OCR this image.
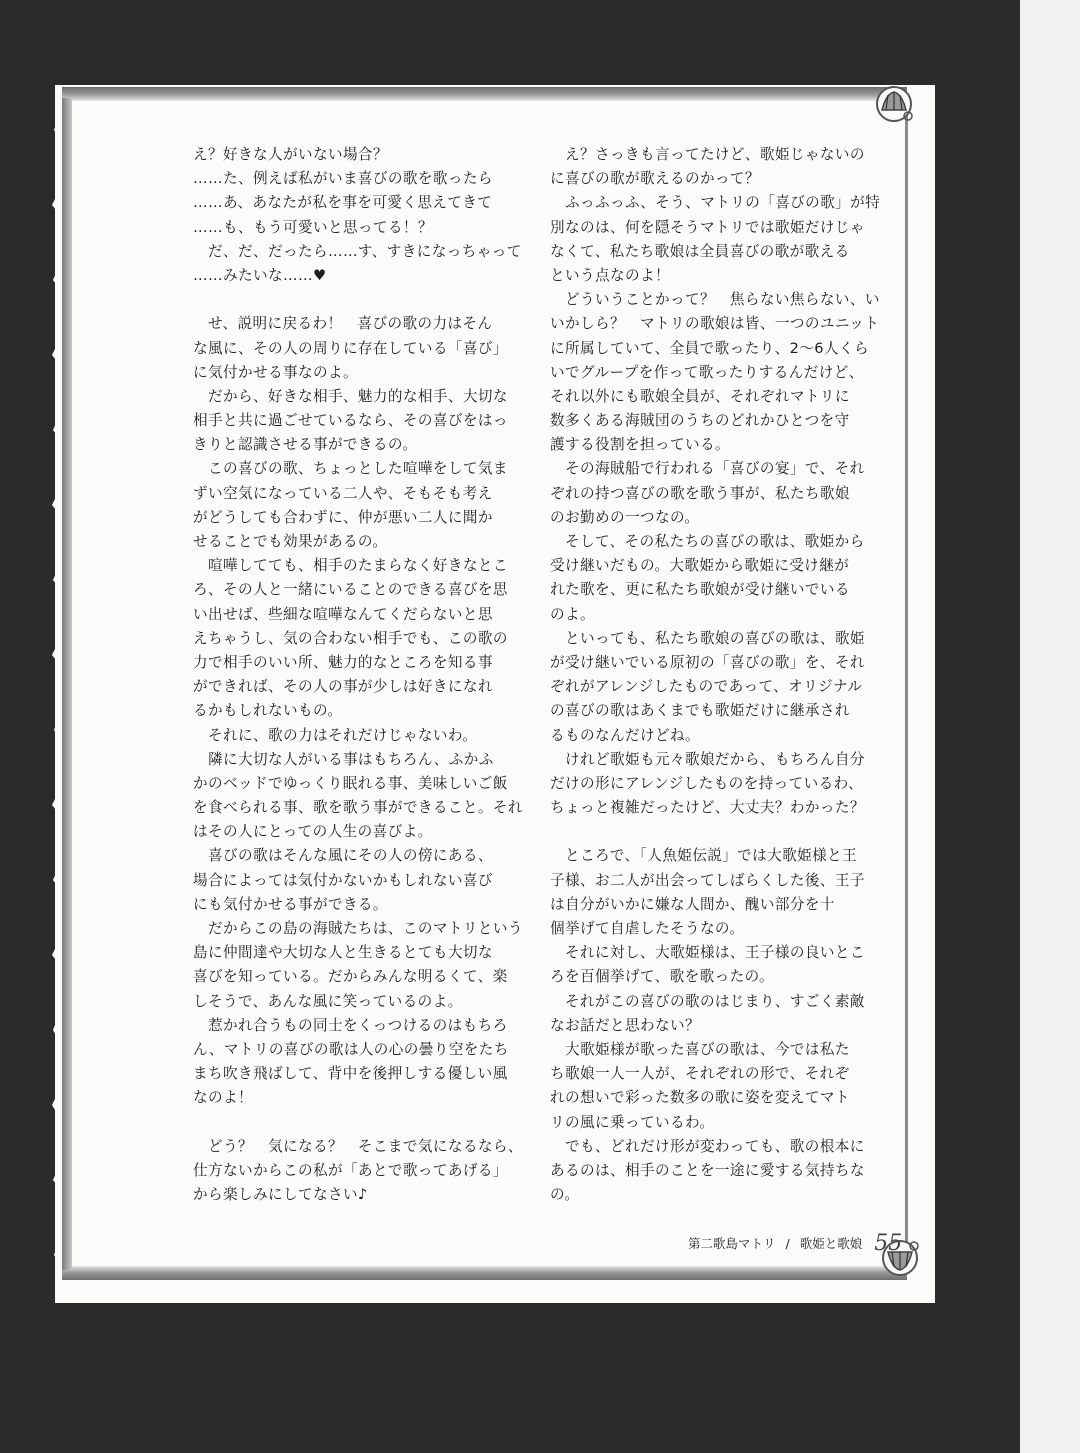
え？好きな人がいない場合？
……た、例えば私がいま喜びの歌を歌ったら
……あ、あなたが私を事を可愛く思えてきて
……も、もう可愛いと思ってる！？
　だ、だ、だったら……す、すきになっちゃって
……みたいな……♥
　せ、説明に戻るわ！　喜びの歌の力はそん
な風に、その人の周りに存在している「喜び」
に気付かせる事なのよ。
　だから、好きな相手、魅力的な相手、大切な
相手と共に過ごせているなら、その喜びをはっ
きりと認識させる事ができるの。
　この喜びの歌、ちょっとした喧嘩をして気ま
ずい空気になっている二人や、そもそも考え
がどうしても合わずに、仲が悪い二人に聞か
せることでも効果があるの。
　喧嘩してても、相手のたまらなく好きなとこ
ろ、その人と一緒にいることのできる喜びを思
い出せば、些細な喧嘩なんてくだらないと思
えちゃうし、気の合わない相手でも、この歌の
力で相手のいい所、魅力的なところを知る事
ができれば、その人の事が少しは好きになれ
るかもしれないもの。
　それに、歌の力はそれだけじゃないわ。
　隣に大切な人がいる事はもちろん、ふかふ
かのベッドでゆっくり眠れる事、美味しいご飯
を食べられる事、歌を歌う事ができること。それ
はその人にとっての人生の喜びよ。
　喜びの歌はそんな風にその人の傍にある、
場合によっては気付かないかもしれない喜び
にも気付かせる事ができる。
　だからこの島の海賊たちは、このマトリという
島に仲間達や大切な人と生きるとても大切な
喜びを知っている。だからみんな明るくて、楽
しそうで、あんな風に笑っているのよ。
　惹かれ合うもの同士をくっつけるのはもちろ
ん、マトリの喜びの歌は人の心の曇り空をたち
まち吹き飛ばして、背中を後押しする優しい風
なのよ！
　どう？　気になる？　そこまで気になるなら、
仕方ないからこの私が「あとで歌ってあげる」
から楽しみにしてなさい♪
　え？さっきも言ってたけど、歌姫じゃないの
に喜びの歌が歌えるのかって？
　ふっふっふ、そう、マトリの「喜びの歌」が特
別なのは、何を隠そうマトリでは歌姫だけじゃ
なくて、私たち歌娘は全員喜びの歌が歌える
という点なのよ！
　どういうことかって？　焦らない焦らない、い
いかしら？　マトリの歌娘は皆、一つのユニット
に所属していて、全員で歌ったり、2～6人くら
いでグループを作って歌ったりするんだけど、
それ以外にも歌娘全員が、それぞれマトリに
数多くある海賊団のうちのどれかひとつを守
護する役割を担っている。
　その海賊船で行われる「喜びの宴」で、それ
ぞれの持つ喜びの歌を歌う事が、私たち歌娘
のお勤めの一つなの。
　そして、その私たちの喜びの歌は、歌姫から
受け継いだもの。大歌姫から歌姫に受け継が
れた歌を、更に私たち歌娘が受け継いでいる
のよ。
　といっても、私たち歌娘の喜びの歌は、歌姫
が受け継いでいる原初の「喜びの歌」を、それ
ぞれがアレンジしたものであって、オリジナル
の喜びの歌はあくまでも歌姫だけに継承され
るものなんだけどね。
　けれど歌姫も元々歌娘だから、もちろん自分
だけの形にアレンジしたものを持っているわ、
ちょっと複雑だったけど、大丈夫？わかった？
　ところで、「人魚姫伝説」では大歌姫様と王
子様、お二人が出会ってしばらくした後、王子
は自分がいかに嫌な人間か、醜い部分を十
個挙げて自虐したそうなの。
　それに対し、大歌姫様は、王子様の良いとこ
ろを百個挙げて、歌を歌ったの。
　それがこの喜びの歌のはじまり、すごく素敵
なお話だと思わない？
　大歌姫様が歌った喜びの歌は、今では私た
ち歌娘一人一人が、それぞれの形で、それぞ
れの想いで彩った数多の歌に姿を変えてマト
リの風に乗っているわ。
　でも、どれだけ形が変わっても、歌の根本に
あるのは、相手のことを一途に愛する気持ちな
の。
第二歌島マトリ / 歌姫と歌娘 55
